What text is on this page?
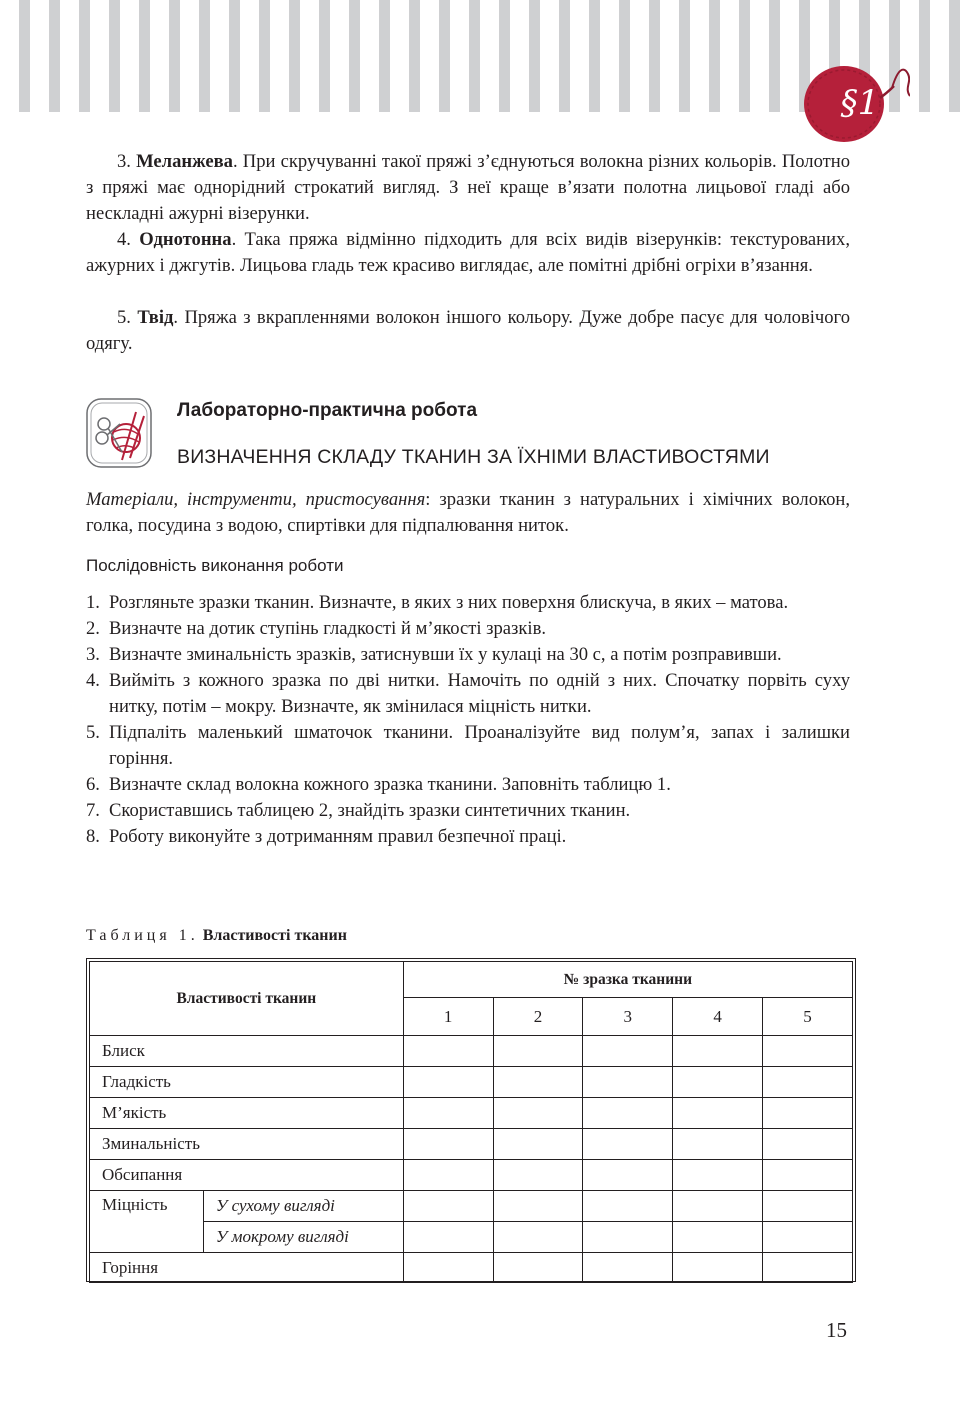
§1
3. Меланжева. При скручуванні такої пряжі з’єднуються волокна різних кольорів. Полотно з пряжі має однорідний строкатий вигляд. З неї краще в’язати полотна лицьової гладі або нескладні ажурні візерунки.
4. Однотонна. Така пряжа відмінно підходить для всіх видів візерунків: текстурованих, ажурних і джгутів. Лицьова гладь теж красиво виглядає, але помітні дрібні огріхи в’язання.
5. Твід. Пряжа з вкрапленнями волокон іншого кольору. Дуже добре пасує для чоловічого одягу.
Лабораторно-практична робота
ВИЗНАЧЕННЯ СКЛАДУ ТКАНИН ЗА ЇХНІМИ ВЛАСТИВОСТЯМИ
Матеріали, інструменти, пристосування: зразки тканин з натуральних і хімічних волокон, голка, посудина з водою, спиртівки для підпалювання ниток.
Послідовність виконання роботи
1. Розгляньте зразки тканин. Визначте, в яких з них поверхня блискуча, в яких – матова.
2. Визначте на дотик ступінь гладкості й м’якості зразків.
3. Визначте зминальність зразків, затиснувши їх у кулаці на 30 с, а потім розправивши.
4. Вийміть з кожного зразка по дві нитки. Намочіть по одній з них. Спочатку порвіть суху нитку, потім – мокру. Визначте, як змінилася міцність нитки.
5. Підпаліть маленький шматочок тканини. Проаналізуйте вид полум’я, запах і залишки горіння.
6. Визначте склад волокна кожного зразка тканини. Заповніть таблицю 1.
7. Скориставшись таблицею 2, знайдіть зразки синтетичних тканин.
8. Роботу виконуйте з дотриманням правил безпечної праці.
Таблиця 1. Властивості тканин
Властивості тканин		№ зразка тканини				
		1	2	3	4	5
Блиск						
Гладкість						
М’якість						
Зминальність						
Обсипання						
Міцність	У сухому вигляді					
	У мокрому вигляді					
Горіння						
15
